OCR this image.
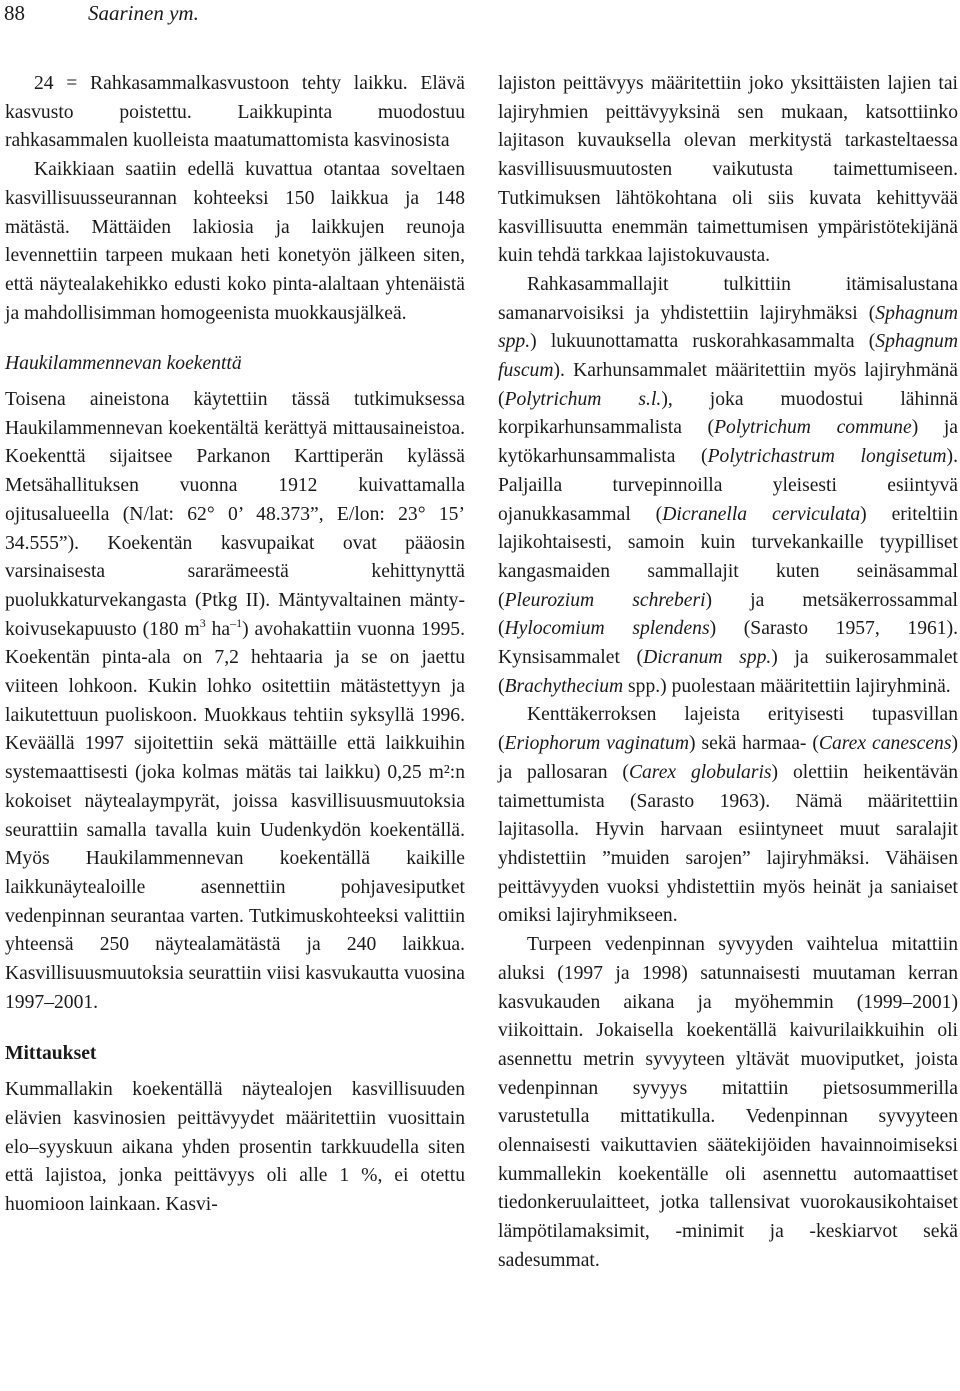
88	Saarinen ym.

24 = Rahkasammalkasvustoon tehty laikku. Elävä kasvusto poistettu. Laikkupinta muodostuu rahkasammalen kuolleista maatumattomista kasvinosista

Kaikkiaan saatiin edellä kuvattua otantaa soveltaen kasvillisuusseurannan kohteeksi 150 laikkua ja 148 mätästä. Mättäiden lakiosia ja laikkujen reunoja levennettiin tarpeen mukaan heti konetyön jälkeen siten, että näytealakehikko edusti koko pinta-alaltaan yhtenäistä ja mahdollisimman homogeenista muokkausjälkeä.

Haukilammennevan koekenttä

Toisena aineistona käytettiin tässä tutkimuksessa Haukilammennevan koekentältä kerättyä mittausaineistoa. Koekenttä sijaitsee Parkanon Karttiperän kylässä Metsähallituksen vuonna 1912 kuivattamalla ojitusalueella (N/lat: 62° 0’ 48.373”, E/lon: 23° 15’ 34.555”). Koekentän kasvupaikat ovat pääosin varsinaisesta sararämeestä kehittynyttä puolukkaturvekangasta (Ptkg II). Mäntyvaltainen mänty-koivusekapuusto (180 $m^3$ $ha^{-1}$) avohakattiin vuonna 1995. Koekentän pinta-ala on 7,2 hehtaaria ja se on jaettu viiteen lohkoon. Kukin lohko ositettiin mätästettyyn ja laikutettuun puoliskoon. Muokkaus tehtiin syksyllä 1996. Keväällä 1997 sijoitettiin sekä mättäille että laikkuihin systemaattisesti (joka kolmas mätäs tai laikku) 0,25 m²:n kokoiset näytealaympyrät, joissa kasvillisuusmuutoksia seurattiin samalla tavalla kuin Uudenkydön koekentällä. Myös Haukilammennevan koekentällä kaikille laikkunäytealoille asennettiin pohjavesiputket vedenpinnan seurantaa varten. Tutkimuskohteeksi valittiin yhteensä 250 näytealamätästä ja 240 laikkua. Kasvillisuusmuutoksia seurattiin viisi kasvukautta vuosina 1997–2001.

Mittaukset

Kummallakin koekentällä näytealojen kasvillisuuden elävien kasvinosien peittävyydet määritettiin vuosittain elo–syyskuun aikana yhden prosentin tarkkuudella siten että lajistoa, jonka peittävyys oli alle 1 %, ei otettu huomioon lainkaan. Kasvi-

lajiston peittävyys määritettiin joko yksittäisten lajien tai lajiryhmien peittävyyksinä sen mukaan, katsottiinko lajitason kuvauksella olevan merkitystä tarkasteltaessa kasvillisuusmuutosten vaikutusta taimettumiseen. Tutkimuksen lähtökohtana oli siis kuvata kehittyvää kasvillisuutta enemmän taimettumisen ympäristötekijänä kuin tehdä tarkkaa lajistokuvausta.

Rahkasammallajit tulkittiin itämisalustana samanarvoisiksi ja yhdistettiin lajiryhmäksi (Sphagnum spp.) lukuunottamatta ruskorahkasammalta (Sphagnum fuscum). Karhunsammalet määritettiin myös lajiryhmänä (Polytrichum s.l.), joka muodostui lähinnä korpikarhunsammalista (Polytrichum commune) ja kytökarhunsammalista (Polytrichastrum longisetum). Paljailla turvepinnoilla yleisesti esiintyvä ojanukkasammal (Dicranella cerviculata) eriteltiin lajikohtaisesti, samoin kuin turvekankaille tyypilliset kangasmaiden sammallajit kuten seinäsammal (Pleurozium schreberi) ja metsäkerrossammal (Hylocomium splendens) (Sarasto 1957, 1961). Kynsisammalet (Dicranum spp.) ja suikerosammalet (Brachythecium spp.) puolestaan määritettiin lajiryhminä.

Kenttäkerroksen lajeista erityisesti tupasvillan (Eriophorum vaginatum) sekä harmaa- (Carex canescens) ja pallosaran (Carex globularis) olettiin heikentävän taimettumista (Sarasto 1963). Nämä määritettiin lajitasolla. Hyvin harvaan esiintyneet muut saralajit yhdistettiin ”muiden sarojen” lajiryhmäksi. Vähäisen peittävyyden vuoksi yhdistettiin myös heinät ja saniaiset omiksi lajiryhmikseen.

Turpeen vedenpinnan syvyyden vaihtelua mitattiin aluksi (1997 ja 1998) satunnaisesti muutaman kerran kasvukauden aikana ja myöhemmin (1999–2001) viikoittain. Jokaisella koekentällä kaivurilaikkuihin oli asennettu metrin syvyyteen yltävät muoviputket, joista vedenpinnan syvyys mitattiin pietsosummerilla varustetulla mittatikulla. Vedenpinnan syvyyteen olennaisesti vaikuttavien säätekijöiden havainnoimiseksi kummallekin koekentälle oli asennettu automaattiset tiedonkeruulaitteet, jotka tallensivat vuorokausikohtaiset lämpötilamaksimit, -minimit ja -keskiarvot sekä sadesummat.
